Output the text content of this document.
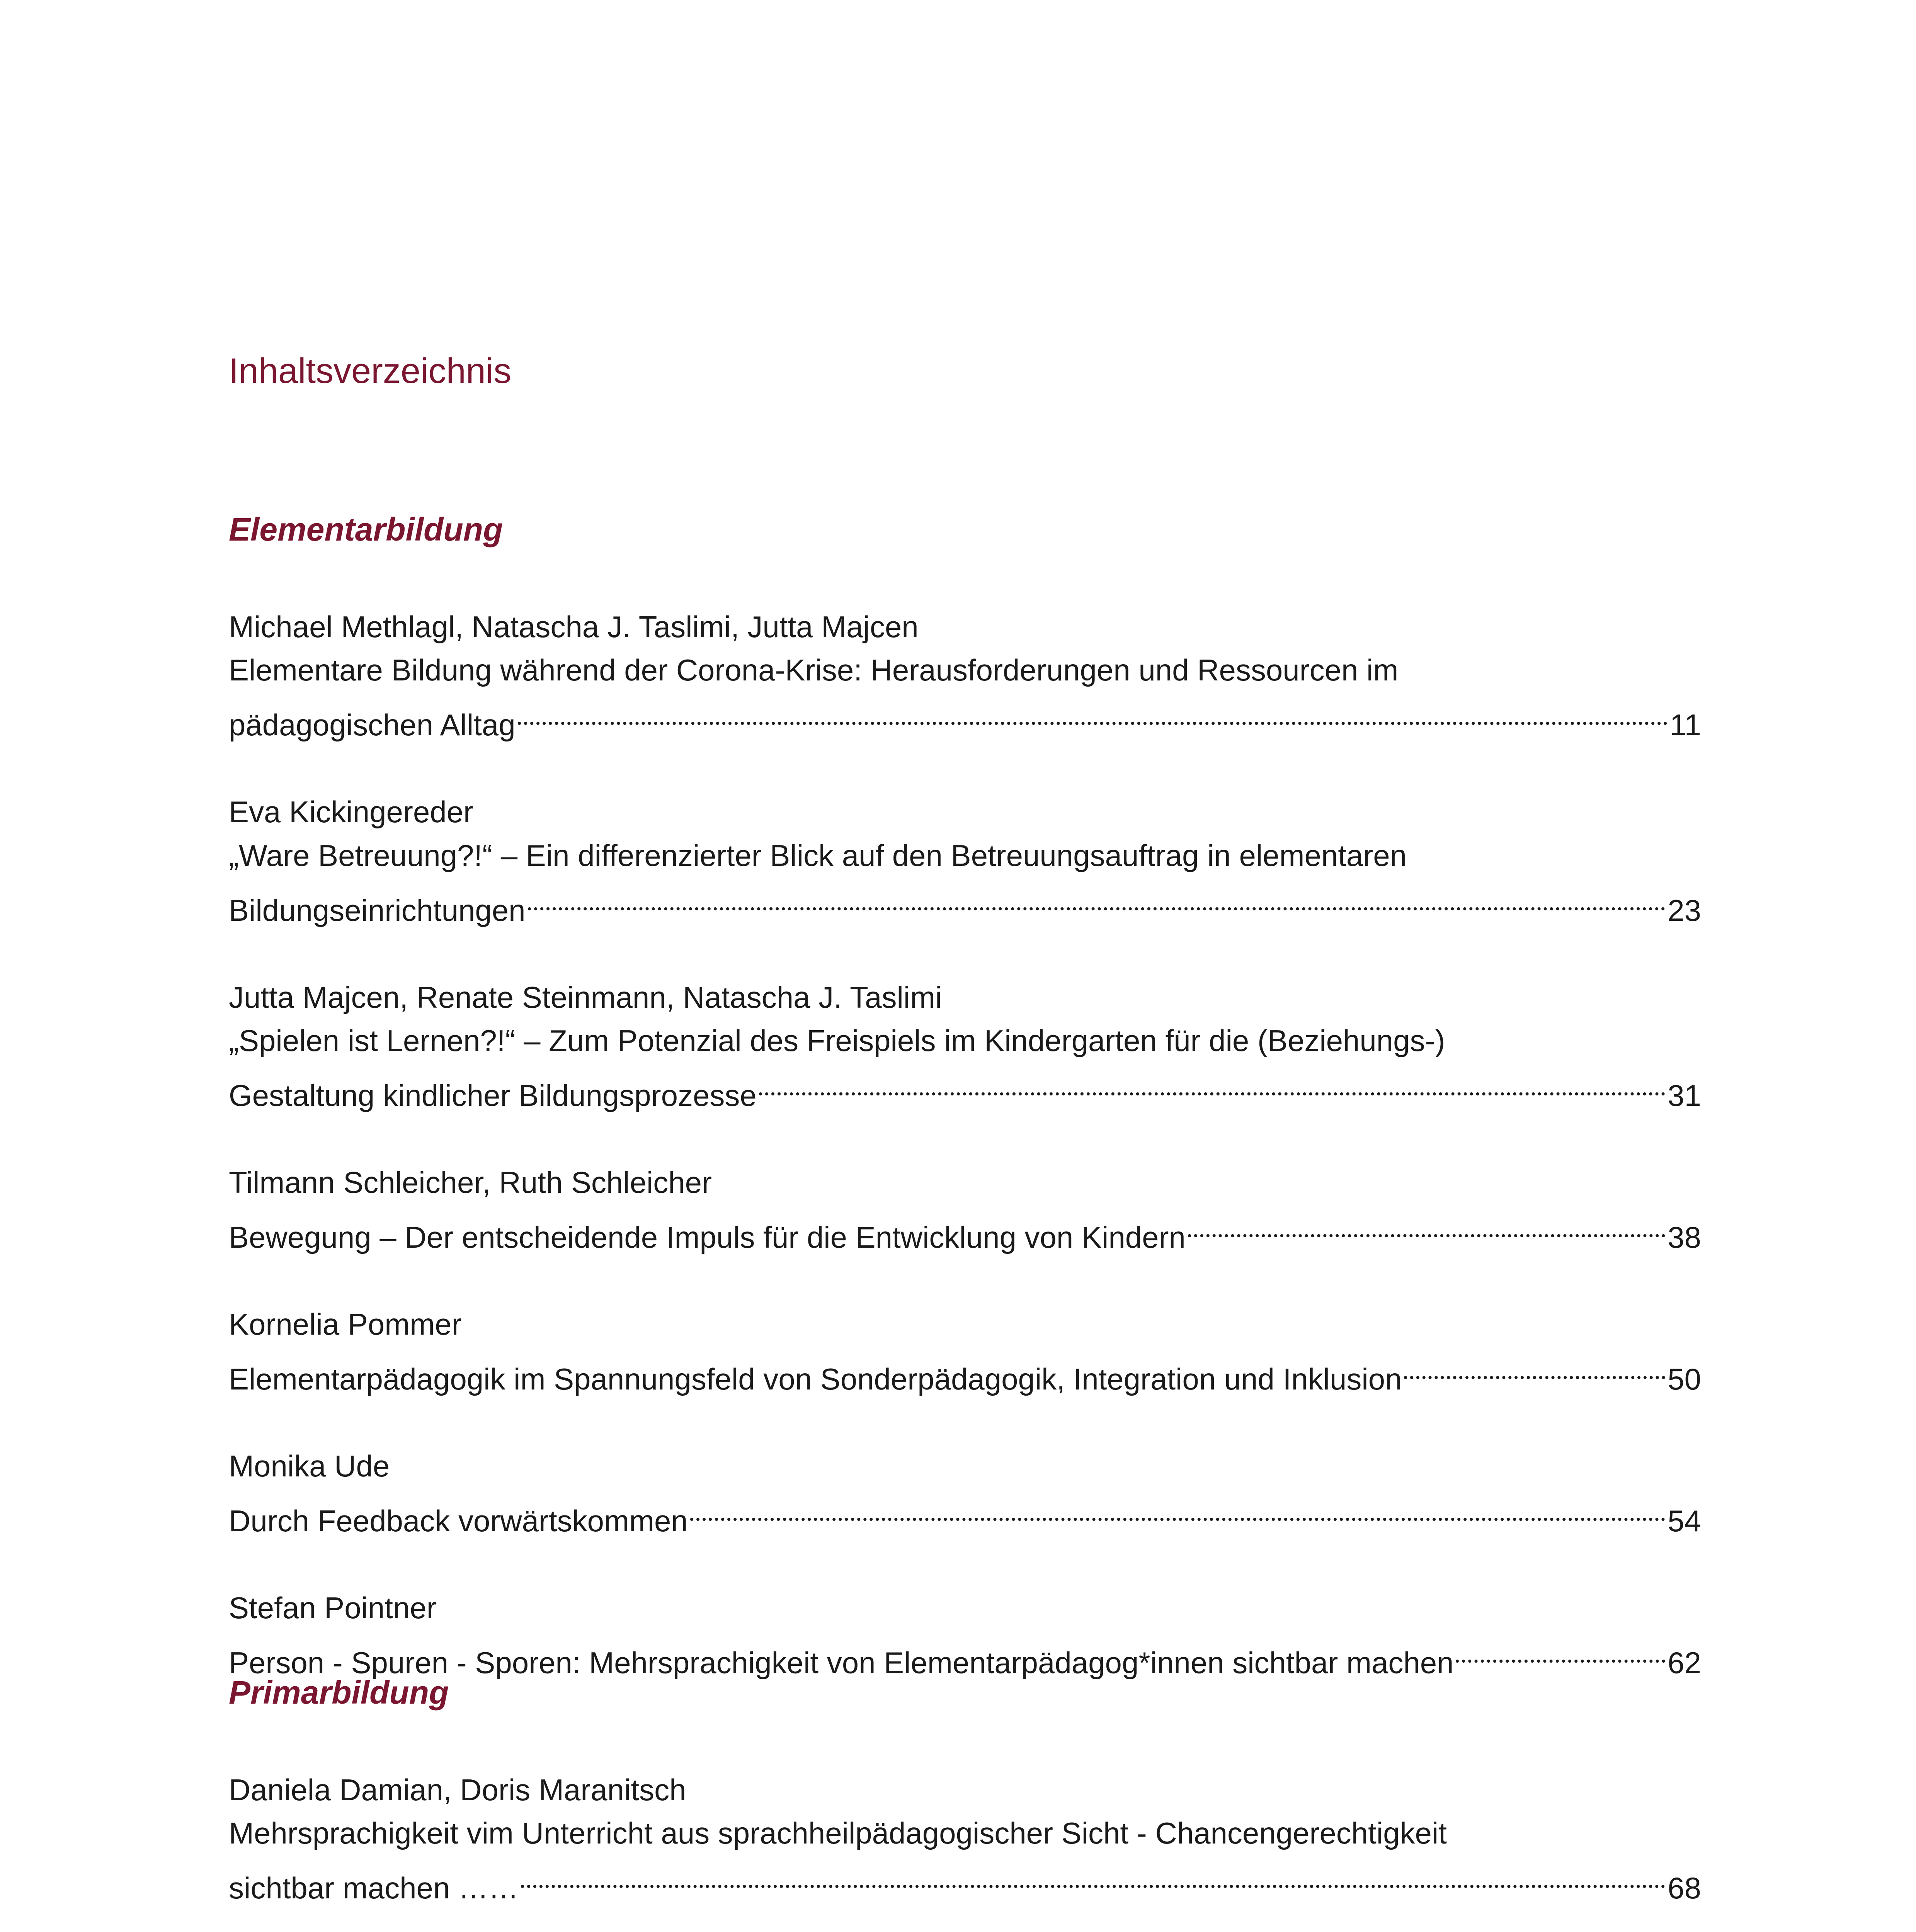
Inhaltsverzeichnis
Elementarbildung
Michael Methlagl, Natascha J. Taslimi, Jutta Majcen
Elementare Bildung während der Corona-Krise: Herausforderungen und Ressourcen im
pädagogischen Alltag	11
Eva Kickingereder
„Ware Betreuung?!“ – Ein differenzierter Blick auf den Betreuungsauftrag in elementaren
Bildungseinrichtungen	23
Jutta Majcen, Renate Steinmann, Natascha J. Taslimi
„Spielen ist Lernen?!“ – Zum Potenzial des Freispiels im Kindergarten für die (Beziehungs-)
Gestaltung kindlicher Bildungsprozesse	31
Tilmann Schleicher, Ruth Schleicher
Bewegung – Der entscheidende Impuls für die Entwicklung von Kindern	38
Kornelia Pommer
Elementarpädagogik im Spannungsfeld von Sonderpädagogik, Integration und Inklusion	50
Monika Ude
Durch Feedback vorwärtskommen	54
Stefan Pointner
Person - Spuren - Sporen: Mehrsprachigkeit von Elementarpädagog*innen sichtbar machen	62
Primarbildung
Daniela Damian, Doris Maranitsch
Mehrsprachigkeit vim Unterricht aus sprachheilpädagogischer Sicht - Chancengerechtigkeit
sichtbar machen ……	68
